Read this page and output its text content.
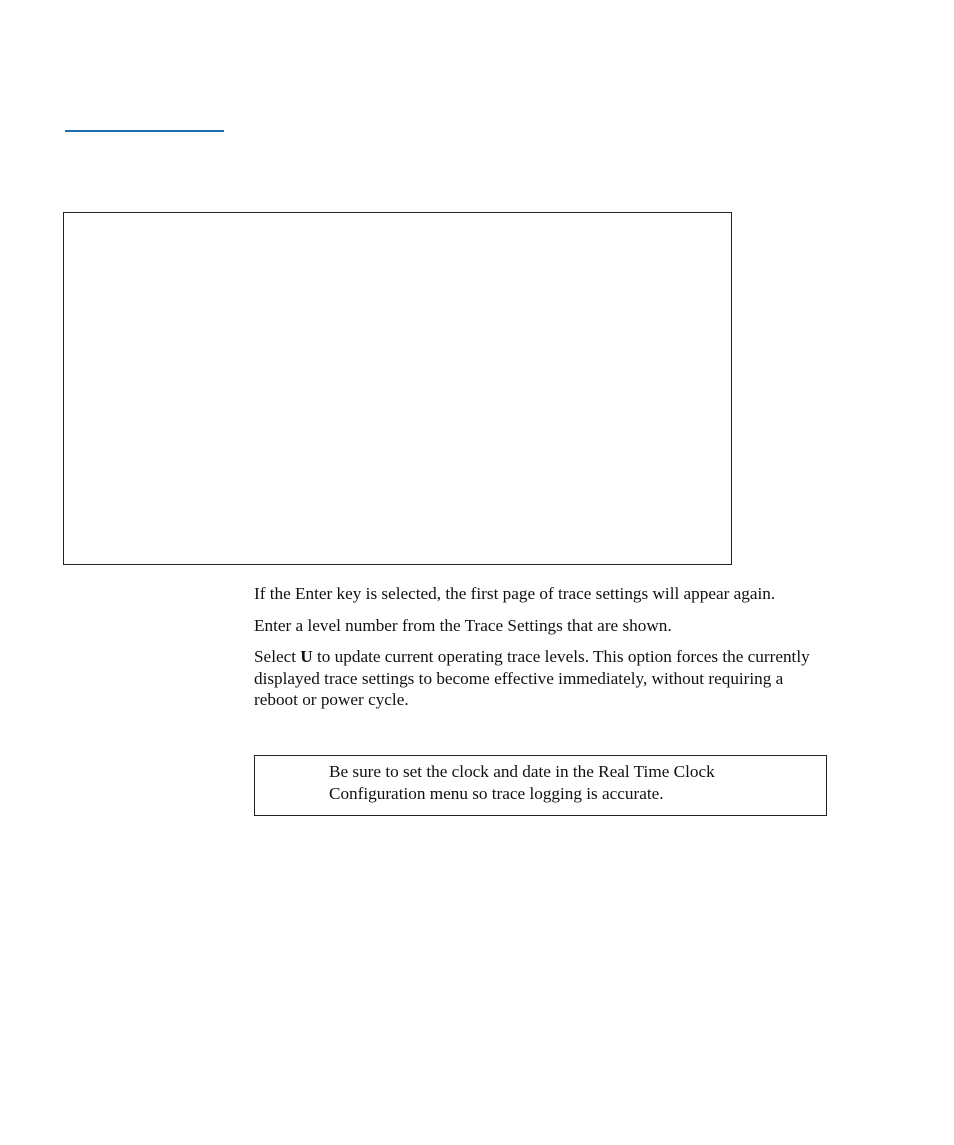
If the Enter key is selected, the first page of trace settings will appear again.

Enter a level number from the Trace Settings that are shown.

Select U to update current operating trace levels. This option forces the currently displayed trace settings to become effective immediately, without requiring a reboot or power cycle.

Be sure to set the clock and date in the Real Time Clock Configuration menu so trace logging is accurate.
